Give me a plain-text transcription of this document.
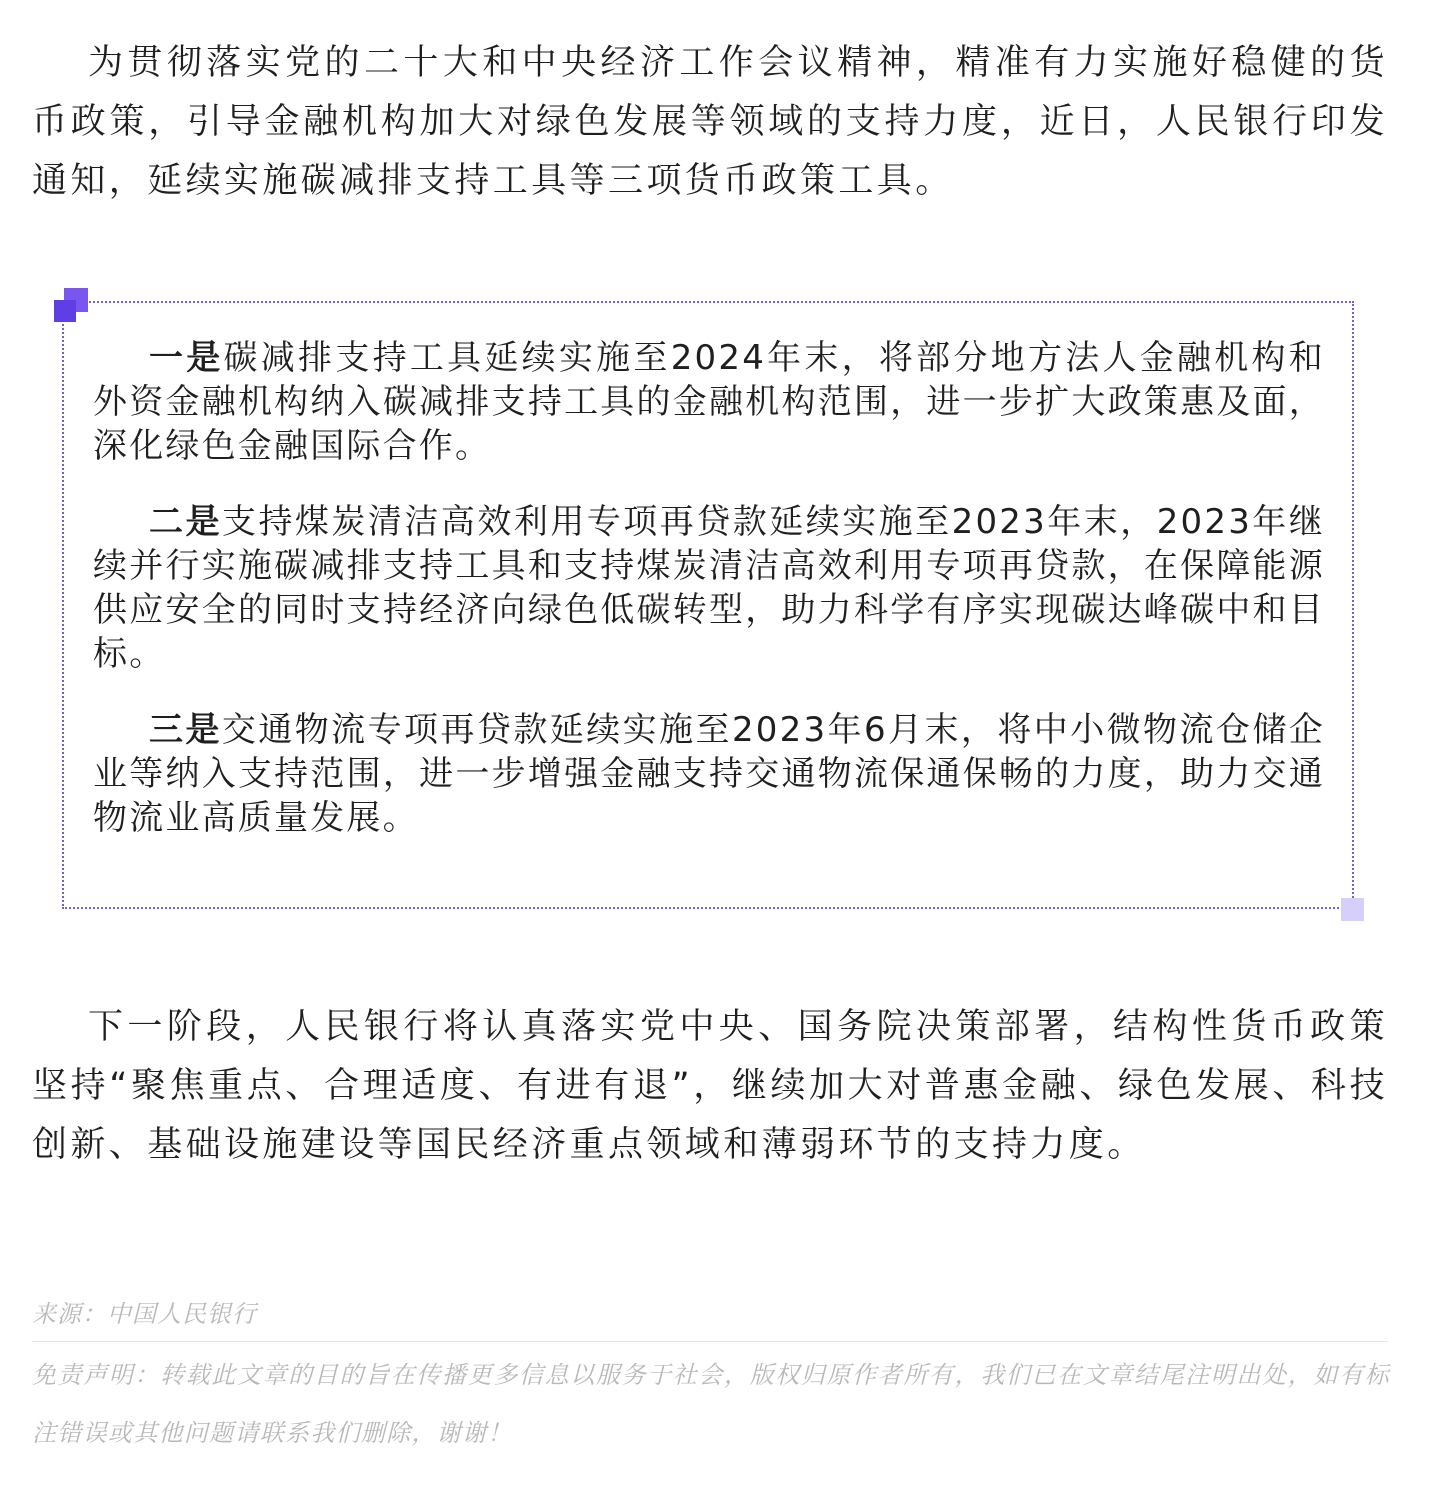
为贯彻落实党的二十大和中央经济工作会议精神，精准有力实施好稳健的货币政策，引导金融机构加大对绿色发展等领域的支持力度，近日，人民银行印发通知，延续实施碳减排支持工具等三项货币政策工具。

一是碳减排支持工具延续实施至2024年末，将部分地方法人金融机构和外资金融机构纳入碳减排支持工具的金融机构范围，进一步扩大政策惠及面，深化绿色金融国际合作。

二是支持煤炭清洁高效利用专项再贷款延续实施至2023年末，2023年继续并行实施碳减排支持工具和支持煤炭清洁高效利用专项再贷款，在保障能源供应安全的同时支持经济向绿色低碳转型，助力科学有序实现碳达峰碳中和目标。

三是交通物流专项再贷款延续实施至2023年6月末，将中小微物流仓储企业等纳入支持范围，进一步增强金融支持交通物流保通保畅的力度，助力交通物流业高质量发展。

下一阶段，人民银行将认真落实党中央、国务院决策部署，结构性货币政策坚持“聚焦重点、合理适度、有进有退”，继续加大对普惠金融、绿色发展、科技创新、基础设施建设等国民经济重点领域和薄弱环节的支持力度。

来源：中国人民银行

免责声明：转载此文章的目的旨在传播更多信息以服务于社会，版权归原作者所有，我们已在文章结尾注明出处，如有标注错误或其他问题请联系我们删除，谢谢！
